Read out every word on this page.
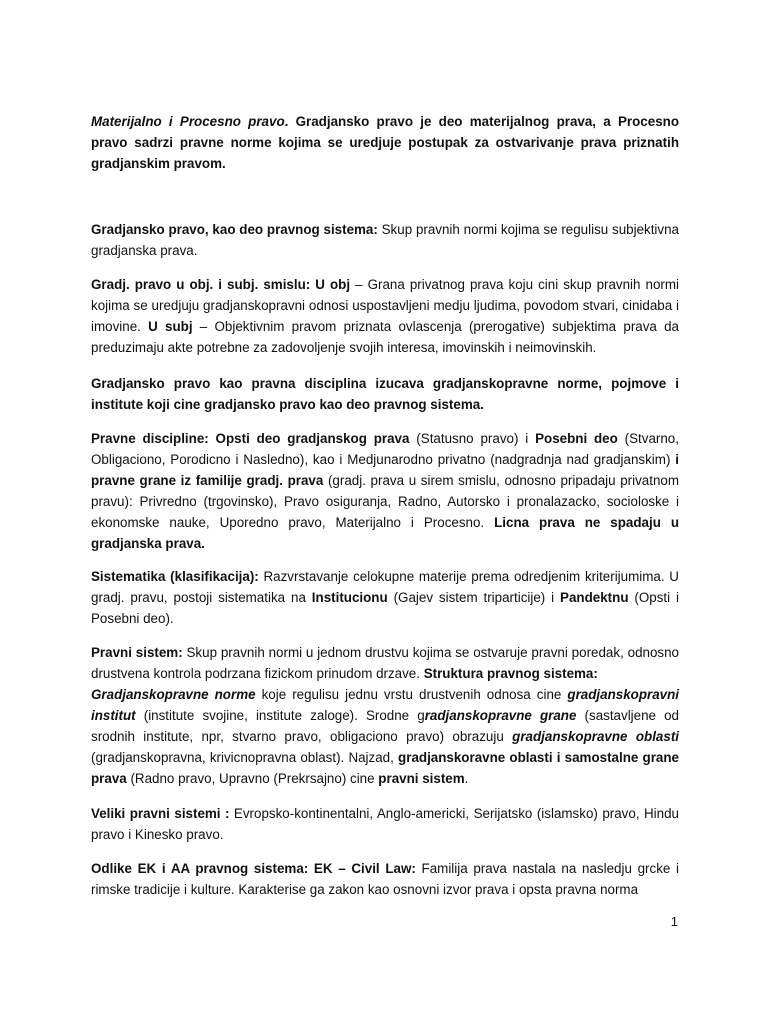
Materijalno i Procesno pravo. Gradjansko pravo je deo materijalnog prava, a Procesno pravo sadrzi pravne norme kojima se uredjuje postupak za ostvarivanje prava priznatih gradjanskim pravom.

Gradjansko pravo, kao deo pravnog sistema: Skup pravnih normi kojima se regulisu subjektivna gradjanska prava.

Gradj. pravo u obj. i subj. smislu: U obj – Grana privatnog prava koju cini skup pravnih normi kojima se uredjuju gradjanskopravni odnosi uspostavljeni medju ljudima, povodom stvari, cinidaba i imovine. U subj – Objektivnim pravom priznata ovlascenja (prerogative) subjektima prava da preduzimaju akte potrebne za zadovoljenje svojih interesa, imovinskih i neimovinskih.

Gradjansko pravo kao pravna disciplina izucava gradjanskopravne norme, pojmove i institute koji cine gradjansko pravo kao deo pravnog sistema.

Pravne discipline: Opsti deo gradjanskog prava (Statusno pravo) i Posebni deo (Stvarno, Obligaciono, Porodicno i Nasledno), kao i Medjunarodno privatno (nadgradnja nad gradjanskim) i pravne grane iz familije gradj. prava (gradj. prava u sirem smislu, odnosno pripadaju privatnom pravu): Privredno (trgovinsko), Pravo osiguranja, Radno, Autorsko i pronalazacko, socioloske i ekonomske nauke, Uporedno pravo, Materijalno i Procesno. Licna prava ne spadaju u gradjanska prava.

Sistematika (klasifikacija): Razvrstavanje celokupne materije prema odredjenim kriterijumima. U gradj. pravu, postoji sistematika na Institucionu (Gajev sistem triparticije) i Pandektnu (Opsti i Posebni deo).

Pravni sistem: Skup pravnih normi u jednom drustvu kojima se ostvaruje pravni poredak, odnosno drustvena kontrola podrzana fizickom prinudom drzave. Struktura pravnog sistema:
Gradjanskopravne norme koje regulisu jednu vrstu drustvenih odnosa cine gradjanskopravni institut (institute svojine, institute zaloge). Srodne gradjanskopravne grane (sastavljene od srodnih institute, npr, stvarno pravo, obligaciono pravo) obrazuju gradjanskopravne oblasti (gradjanskopravna, krivicnopravna oblast). Najzad, gradjanskoravne oblasti i samostalne grane prava (Radno pravo, Upravno (Prekrsajno) cine pravni sistem.

Veliki pravni sistemi : Evropsko-kontinentalni, Anglo-americki, Serijatsko (islamsko) pravo, Hindu pravo i Kinesko pravo.

Odlike EK i AA pravnog sistema: EK – Civil Law: Familija prava nastala na nasledju grcke i rimske tradicije i kulture. Karakterise ga zakon kao osnovni izvor prava i opsta pravna norma

1
